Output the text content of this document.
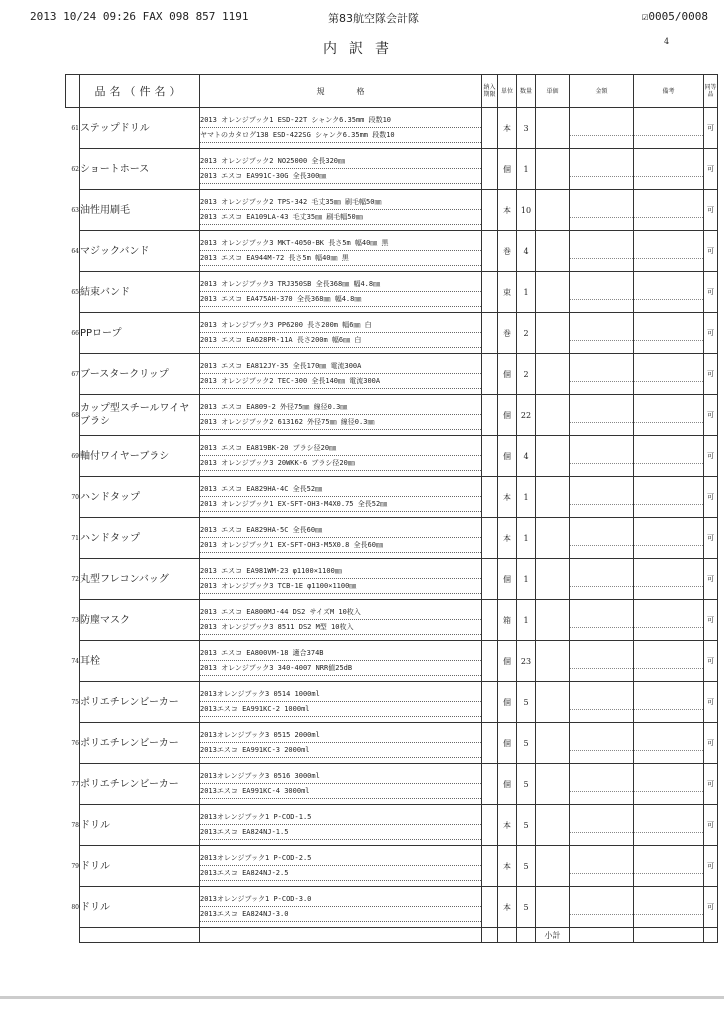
2013 10/24 09:26 FAX 098 857 1191	第83航空隊会計隊	☑0005/0008
内訳書	4
	品名（件名）	規　　　　格	納入期限	単位	数量	単価	金額	備考	同等品
61	ステップドリル	2013 オレンジブック1 ESD-22T シャンク6.35mm 段数10
ヤマトのカタログ138 ESD-422SG シャンク6.35mm 段数10		本	3				可
62	ショートホース	2013 オレンジブック2 NO25000 全長320㎜
2013 エスコ EA991C-30G 全長300㎜		個	1				可
63	油性用刷毛	2013 オレンジブック2 TPS-342 毛丈35㎜ 刷毛幅50㎜
2013 エスコ EA109LA-43 毛丈35㎜ 刷毛幅50㎜		本	10				可
64	マジックバンド	2013 オレンジブック3 MKT-4050-BK 長さ5m 幅40㎜ 黒
2013 エスコ EA944M-72 長さ5m 幅40㎜ 黒		巻	4				可
65	結束バンド	2013 オレンジブック3 TRJ350SB 全長368㎜ 幅4.8㎜
2013 エスコ EA475AH-370 全長368㎜ 幅4.8㎜		束	1				可
66	PPロープ	2013 オレンジブック3 PP6200 長さ200m 幅6㎜ 白
2013 エスコ EA628PR-11A 長さ200m 幅6㎜ 白		巻	2				可
67	ブースタークリップ	2013 エスコ EA812JY-35 全長170㎜ 電流300A
2013 オレンジブック2 TEC-300 全長140㎜ 電流300A		個	2				可
68	カップ型スチールワイヤブラシ	2013 エスコ EA809-2 外径75㎜ 線径0.3㎜
2013 オレンジブック2 613162 外径75㎜ 線径0.3㎜		個	22				可
69	軸付ワイヤーブラシ	2013 エスコ EA819BK-20 ブラシ径20㎜
2013 オレンジブック3 20WKK-6 ブラシ径20㎜		個	4				可
70	ハンドタップ	2013 エスコ EA829HA-4C 全長52㎜
2013 オレンジブック1 EX-SFT-OH3-M4X0.75 全長52㎜		本	1				可
71	ハンドタップ	2013 エスコ EA829HA-5C 全長60㎜
2013 オレンジブック1 EX-SFT-OH3-M5X0.8 全長60㎜		本	1				可
72	丸型フレコンバッグ	2013 エスコ EA981WM-23 φ1100×1100㎜
2013 オレンジブック3 TCB-1E φ1100×1100㎜		個	1				可
73	防塵マスク	2013 エスコ EA800MJ-44 DS2 サイズM 10枚入
2013 オレンジブック3 8511 DS2 M型 10枚入		箱	1				可
74	耳栓	2013 エスコ EA800VM-18 適合374B
2013 オレンジブック3 340-4007 NRR値25dB		個	23				可
75	ポリエチレンビーカー	2013オレンジブック3 0514 1000ml
2013エスコ EA991KC-2 1000ml		個	5				可
76	ポリエチレンビーカー	2013オレンジブック3 0515 2000ml
2013エスコ EA991KC-3 2000ml		個	5				可
77	ポリエチレンビーカー	2013オレンジブック3 0516 3000ml
2013エスコ EA991KC-4 3000ml		個	5				可
78	ドリル	2013オレンジブック1 P-COD-1.5
2013エスコ EA824NJ-1.5		本	5				可
79	ドリル	2013オレンジブック1 P-COD-2.5
2013エスコ EA824NJ-2.5		本	5				可
80	ドリル	2013オレンジブック1 P-COD-3.0
2013エスコ EA824NJ-3.0		本	5				可
						小計			
